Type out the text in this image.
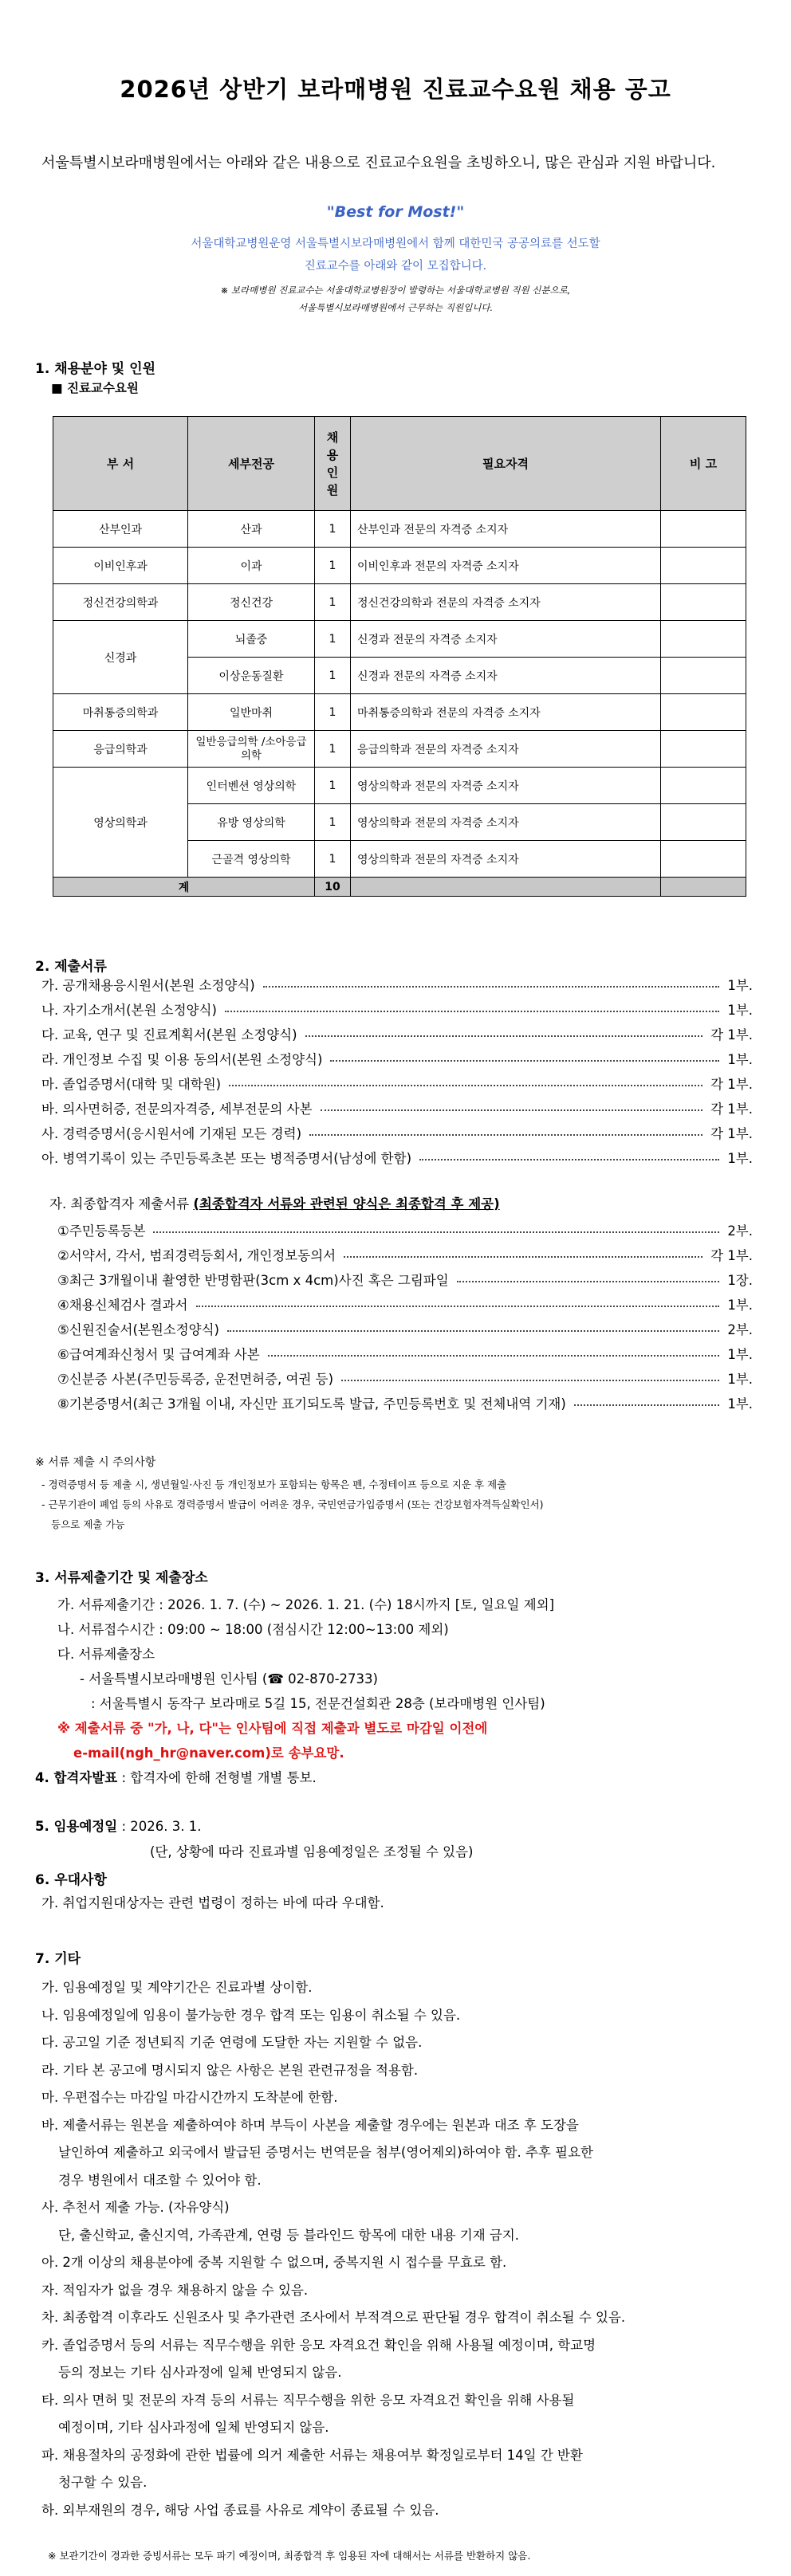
2026년 상반기 보라매병원 진료교수요원 채용 공고
서울특별시보라매병원에서는 아래와 같은 내용으로 진료교수요원을 초빙하오니, 많은 관심과 지원 바랍니다.
"Best for Most!"
서울대학교병원운영 서울특별시보라매병원에서 함께 대한민국 공공의료를 선도할
진료교수를 아래와 같이 모집합니다.
※ 보라매병원 진료교수는 서울대학교병원장이 발령하는 서울대학교병원 직원 신분으로,
서울특별시보라매병원에서 근무하는 직원입니다.
1. 채용분야 및 인원
■ 진료교수요원
부 서	세부전공	채
용
인
원	필요자격	비 고
산부인과	산과	1	산부인과 전문의 자격증 소지자	
이비인후과	이과	1	이비인후과 전문의 자격증 소지자	
정신건강의학과	정신건강	1	정신건강의학과 전문의 자격증 소지자	
신경과	뇌졸중	1	신경과 전문의 자격증 소지자	
	이상운동질환	1	신경과 전문의 자격증 소지자	
마취통증의학과	일반마취	1	마취통증의학과 전문의 자격증 소지자	
응급의학과	일반응급의학 /소아응급의학	1	응급의학과 전문의 자격증 소지자	
영상의학과	인터벤션 영상의학	1	영상의학과 전문의 자격증 소지자	
	유방 영상의학	1	영상의학과 전문의 자격증 소지자	
	근골격 영상의학	1	영상의학과 전문의 자격증 소지자	
계		10		
2. 제출서류
가. 공개채용응시원서(본원 소정양식)	1부.
나. 자기소개서(본원 소정양식)	1부.
다. 교육, 연구 및 진료계획서(본원 소정양식)	각 1부.
라. 개인정보 수집 및 이용 동의서(본원 소정양식)	1부.
마. 졸업증명서(대학 및 대학원)	각 1부.
바. 의사면허증, 전문의자격증, 세부전문의 사본	각 1부.
사. 경력증명서(응시원서에 기재된 모든 경력)	각 1부.
아. 병역기록이 있는 주민등록초본 또는 병적증명서(남성에 한함)	1부.
자. 최종합격자 제출서류 (최종합격자 서류와 관련된 양식은 최종합격 후 제공)
①주민등록등본	2부.
②서약서, 각서, 범죄경력등회서, 개인정보동의서	각 1부.
③최근 3개월이내 촬영한 반명함판(3cm x 4cm)사진 혹은 그림파일	1장.
④채용신체검사 결과서	1부.
⑤신원진술서(본원소정양식)	2부.
⑥급여계좌신청서 및 급여계좌 사본	1부.
⑦신분증 사본(주민등록증, 운전면허증, 여권 등)	1부.
⑧기본증명서(최근 3개월 이내, 자신만 표기되도록 발급, 주민등록번호 및 전체내역 기재)	1부.
※ 서류 제출 시 주의사항
- 경력증명서 등 제출 시, 생년월일·사진 등 개인정보가 포함되는 항목은 펜, 수정테이프 등으로 지운 후 제출
- 근무기관이 폐업 등의 사유로 경력증명서 발급이 어려운 경우, 국민연금가입증명서 (또는 건강보험자격득실확인서)
등으로 제출 가능
3. 서류제출기간 및 제출장소
가. 서류제출기간 : 2026. 1. 7. (수) ~ 2026. 1. 21. (수) 18시까지 [토, 일요일 제외]
나. 서류접수시간 : 09:00 ~ 18:00 (점심시간 12:00~13:00 제외)
다. 서류제출장소
- 서울특별시보라매병원 인사팀 (☎ 02-870-2733)
: 서울특별시 동작구 보라매로 5길 15, 전문건설회관 28층 (보라매병원 인사팀)
※ 제출서류 중 "가, 나, 다"는 인사팀에 직접 제출과 별도로 마감일 이전에
e-mail(ngh_hr@naver.com)로 송부요망.
4. 합격자발표 : 합격자에 한해 전형별 개별 통보.
5. 임용예정일 : 2026. 3. 1.
(단, 상황에 따라 진료과별 임용예정일은 조정될 수 있음)
6. 우대사항
가. 취업지원대상자는 관련 법령이 정하는 바에 따라 우대함.
7. 기타
가. 임용예정일 및 계약기간은 진료과별 상이함.
나. 임용예정일에 임용이 불가능한 경우 합격 또는 임용이 취소될 수 있음.
다. 공고일 기준 정년퇴직 기준 연령에 도달한 자는 지원할 수 없음.
라. 기타 본 공고에 명시되지 않은 사항은 본원 관련규정을 적용함.
마. 우편접수는 마감일 마감시간까지 도착분에 한함.
바. 제출서류는 원본을 제출하여야 하며 부득이 사본을 제출할 경우에는 원본과 대조 후 도장을
날인하여 제출하고 외국에서 발급된 증명서는 번역문을 첨부(영어제외)하여야 함. 추후 필요한
경우 병원에서 대조할 수 있어야 함.
사. 추천서 제출 가능. (자유양식)
단, 출신학교, 출신지역, 가족관계, 연령 등 블라인드 항목에 대한 내용 기재 금지.
아. 2개 이상의 채용분야에 중복 지원할 수 없으며, 중복지원 시 접수를 무효로 함.
자. 적임자가 없을 경우 채용하지 않을 수 있음.
차. 최종합격 이후라도 신원조사 및 추가관련 조사에서 부적격으로 판단될 경우 합격이 취소될 수 있음.
카. 졸업증명서 등의 서류는 직무수행을 위한 응모 자격요건 확인을 위해 사용될 예정이며, 학교명
등의 정보는 기타 심사과정에 일체 반영되지 않음.
타. 의사 면허 및 전문의 자격 등의 서류는 직무수행을 위한 응모 자격요건 확인을 위해 사용될
예정이며, 기타 심사과정에 일체 반영되지 않음.
파. 채용절차의 공정화에 관한 법률에 의거 제출한 서류는 채용여부 확정일로부터 14일 간 반환
청구할 수 있음.
하. 외부재원의 경우, 해당 사업 종료를 사유로 계약이 종료될 수 있음.
※ 보관기간이 경과한 증빙서류는 모두 파기 예정이며, 최종합격 후 임용된 자에 대해서는 서류를 반환하지 않음.
